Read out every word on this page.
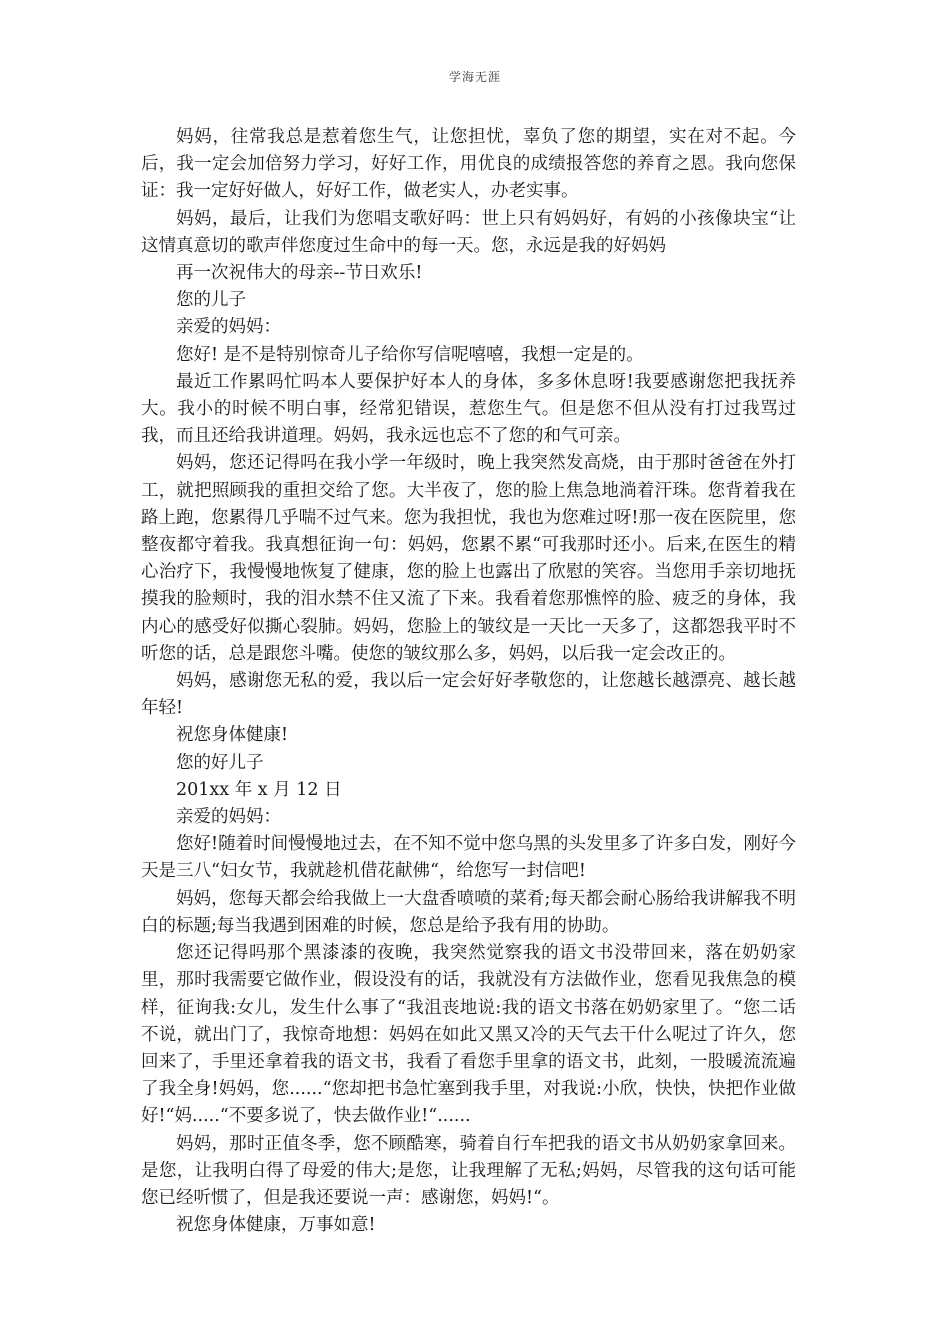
学海无涯

妈妈，往常我总是惹着您生气，让您担忧，辜负了您的期望，实在对不起。今后，我一定会加倍努力学习，好好工作，用优良的成绩报答您的养育之恩。我向您保证：我一定好好做人，好好工作，做老实人，办老实事。

妈妈，最后，让我们为您唱支歌好吗：世上只有妈妈好，有妈的小孩像块宝“让这情真意切的歌声伴您度过生命中的每一天。您，永远是我的好妈妈

再一次祝伟大的母亲--节日欢乐!

您的儿子

亲爱的妈妈：

您好! 是不是特别惊奇儿子给你写信呢嘻嘻，我想一定是的。

最近工作累吗忙吗本人要保护好本人的身体，多多休息呀!我要感谢您把我抚养大。我小的时候不明白事，经常犯错误，惹您生气。但是您不但从没有打过我骂过我，而且还给我讲道理。妈妈，我永远也忘不了您的和气可亲。

妈妈，您还记得吗在我小学一年级时，晚上我突然发高烧，由于那时爸爸在外打工，就把照顾我的重担交给了您。大半夜了，您的脸上焦急地淌着汗珠。您背着我在路上跑，您累得几乎喘不过气来。您为我担忧，我也为您难过呀!那一夜在医院里，您整夜都守着我。我真想征询一句：妈妈，您累不累“可我那时还小。后来,在医生的精心治疗下，我慢慢地恢复了健康，您的脸上也露出了欣慰的笑容。当您用手亲切地抚摸我的脸颊时，我的泪水禁不住又流了下来。我看着您那憔悴的脸、疲乏的身体，我内心的感受好似撕心裂肺。妈妈，您脸上的皱纹是一天比一天多了，这都怨我平时不听您的话，总是跟您斗嘴。使您的皱纹那么多，妈妈，以后我一定会改正的。

妈妈，感谢您无私的爱，我以后一定会好好孝敬您的，让您越长越漂亮、越长越年轻!

祝您身体健康!

您的好儿子

201xx 年 x 月 12 日

亲爱的妈妈：

您好!随着时间慢慢地过去，在不知不觉中您乌黑的头发里多了许多白发，刚好今天是三八“妇女节，我就趁机借花献佛“，给您写一封信吧!

妈妈，您每天都会给我做上一大盘香喷喷的菜肴;每天都会耐心肠给我讲解我不明白的标题;每当我遇到困难的时候，您总是给予我有用的协助。

您还记得吗那个黑漆漆的夜晚，我突然觉察我的语文书没带回来，落在奶奶家里，那时我需要它做作业，假设没有的话，我就没有方法做作业，您看见我焦急的模样，征询我:女儿，发生什么事了“我沮丧地说:我的语文书落在奶奶家里了。“您二话不说，就出门了，我惊奇地想：妈妈在如此又黑又冷的天气去干什么呢过了许久，您回来了，手里还拿着我的语文书，我看了看您手里拿的语文书，此刻，一股暖流流遍了我全身!妈妈，您......“您却把书急忙塞到我手里，对我说:小欣，快快，快把作业做好!“妈.....“不要多说了，快去做作业!“......

妈妈，那时正值冬季，您不顾酷寒，骑着自行车把我的语文书从奶奶家拿回来。是您，让我明白得了母爱的伟大;是您，让我理解了无私;妈妈，尽管我的这句话可能您已经听惯了，但是我还要说一声：感谢您，妈妈!“。

祝您身体健康，万事如意!
